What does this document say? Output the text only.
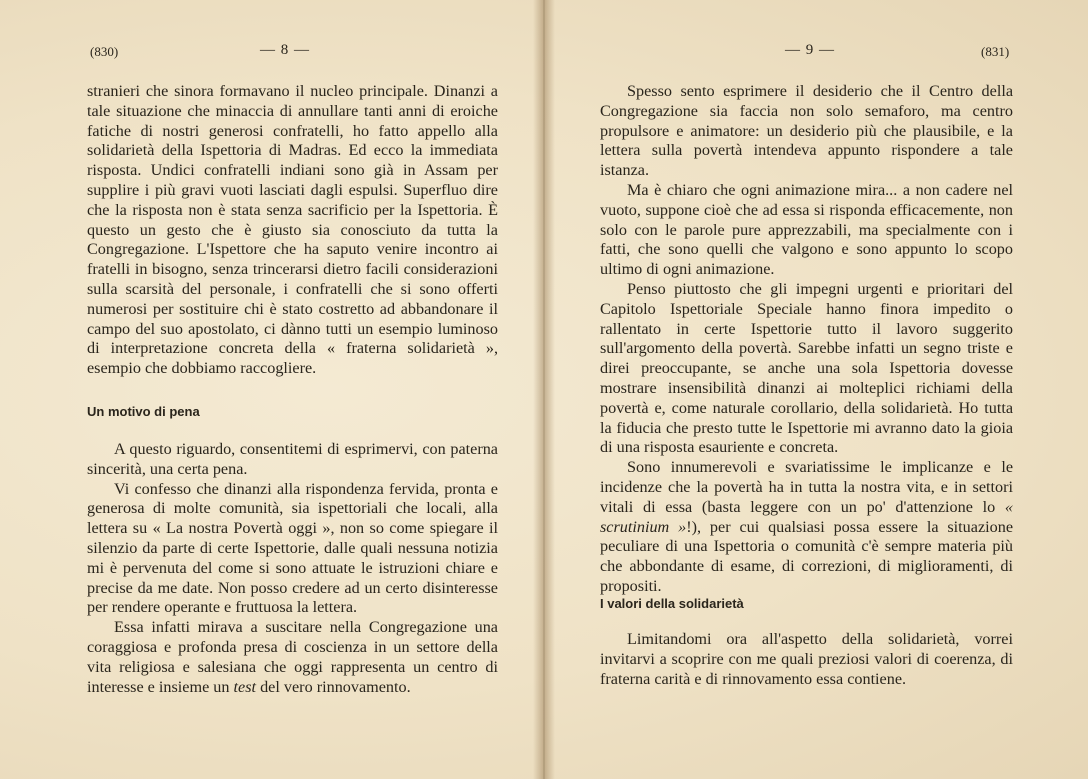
(830)	— 8 —

stranieri che sinora formavano il nucleo principale. Dinanzi a tale situazione che minaccia di annullare tanti anni di eroiche fatiche di nostri generosi confratelli, ho fatto appello alla solidarietà della Ispettoria di Madras. Ed ecco la immediata risposta. Undici confratelli indiani sono già in Assam per supplire i più gravi vuoti lasciati dagli espulsi. Superfluo dire che la risposta non è stata senza sacrificio per la Ispettoria. È questo un gesto che è giusto sia conosciuto da tutta la Congregazione. L'Ispettore che ha saputo venire incontro ai fratelli in bisogno, senza trincerarsi dietro facili considerazioni sulla scarsità del personale, i confratelli che si sono offerti numerosi per sostituire chi è stato costretto ad abbandonare il campo del suo apostolato, ci dànno tutti un esempio luminoso di interpretazione concreta della « fraterna solidarietà », esempio che dobbiamo raccogliere.

Un motivo di pena

A questo riguardo, consentitemi di esprimervi, con paterna sincerità, una certa pena.

Vi confesso che dinanzi alla rispondenza fervida, pronta e generosa di molte comunità, sia ispettoriali che locali, alla lettera su « La nostra Povertà oggi », non so come spiegare il silenzio da parte di certe Ispettorie, dalle quali nessuna notizia mi è pervenuta del come si sono attuate le istruzioni chiare e precise da me date. Non posso credere ad un certo disinteresse per rendere operante e fruttuosa la lettera.

Essa infatti mirava a suscitare nella Congregazione una coraggiosa e profonda presa di coscienza in un settore della vita religiosa e salesiana che oggi rappresenta un centro di interesse e insieme un test del vero rinnovamento.

— 9 —	(831)

Spesso sento esprimere il desiderio che il Centro della Congregazione sia faccia non solo semaforo, ma centro propulsore e animatore: un desiderio più che plausibile, e la lettera sulla povertà intendeva appunto rispondere a tale istanza.

Ma è chiaro che ogni animazione mira... a non cadere nel vuoto, suppone cioè che ad essa si risponda efficacemente, non solo con le parole pure apprezzabili, ma specialmente con i fatti, che sono quelli che valgono e sono appunto lo scopo ultimo di ogni animazione.

Penso piuttosto che gli impegni urgenti e prioritari del Capitolo Ispettoriale Speciale hanno finora impedito o rallentato in certe Ispettorie tutto il lavoro suggerito sull'argomento della povertà. Sarebbe infatti un segno triste e direi preoccupante, se anche una sola Ispettoria dovesse mostrare insensibilità dinanzi ai molteplici richiami della povertà e, come naturale corollario, della solidarietà. Ho tutta la fiducia che presto tutte le Ispettorie mi avranno dato la gioia di una risposta esauriente e concreta.

Sono innumerevoli e svariatissime le implicanze e le incidenze che la povertà ha in tutta la nostra vita, e in settori vitali di essa (basta leggere con un po' d'attenzione lo « scrutinium »!), per cui qualsiasi possa essere la situazione peculiare di una Ispettoria o comunità c'è sempre materia più che abbondante di esame, di correzioni, di miglioramenti, di propositi.

I valori della solidarietà

Limitandomi ora all'aspetto della solidarietà, vorrei invitarvi a scoprire con me quali preziosi valori di coerenza, di fraterna carità e di rinnovamento essa contiene.
